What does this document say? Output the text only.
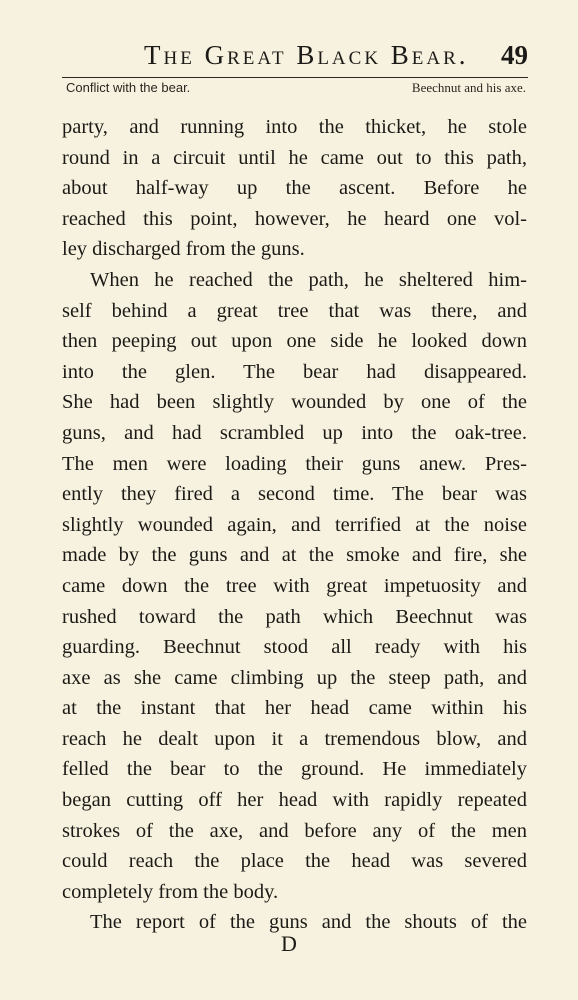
The Great Black Bear. 49
Conflict with the bear.	Beechnut and his axe.
party, and running into the thicket, he stole
round in a circuit until he came out to this path,
about half-way up the ascent. Before he
reached this point, however, he heard one vol-
ley discharged from the guns.
When he reached the path, he sheltered him-
self behind a great tree that was there, and
then peeping out upon one side he looked down
into the glen. The bear had disappeared.
She had been slightly wounded by one of the
guns, and had scrambled up into the oak-tree.
The men were loading their guns anew. Pres-
ently they fired a second time. The bear was
slightly wounded again, and terrified at the noise
made by the guns and at the smoke and fire, she
came down the tree with great impetuosity and
rushed toward the path which Beechnut was
guarding. Beechnut stood all ready with his
axe as she came climbing up the steep path, and
at the instant that her head came within his
reach he dealt upon it a tremendous blow, and
felled the bear to the ground. He immediately
began cutting off her head with rapidly repeated
strokes of the axe, and before any of the men
could reach the place the head was severed
completely from the body.
The report of the guns and the shouts of the
D
